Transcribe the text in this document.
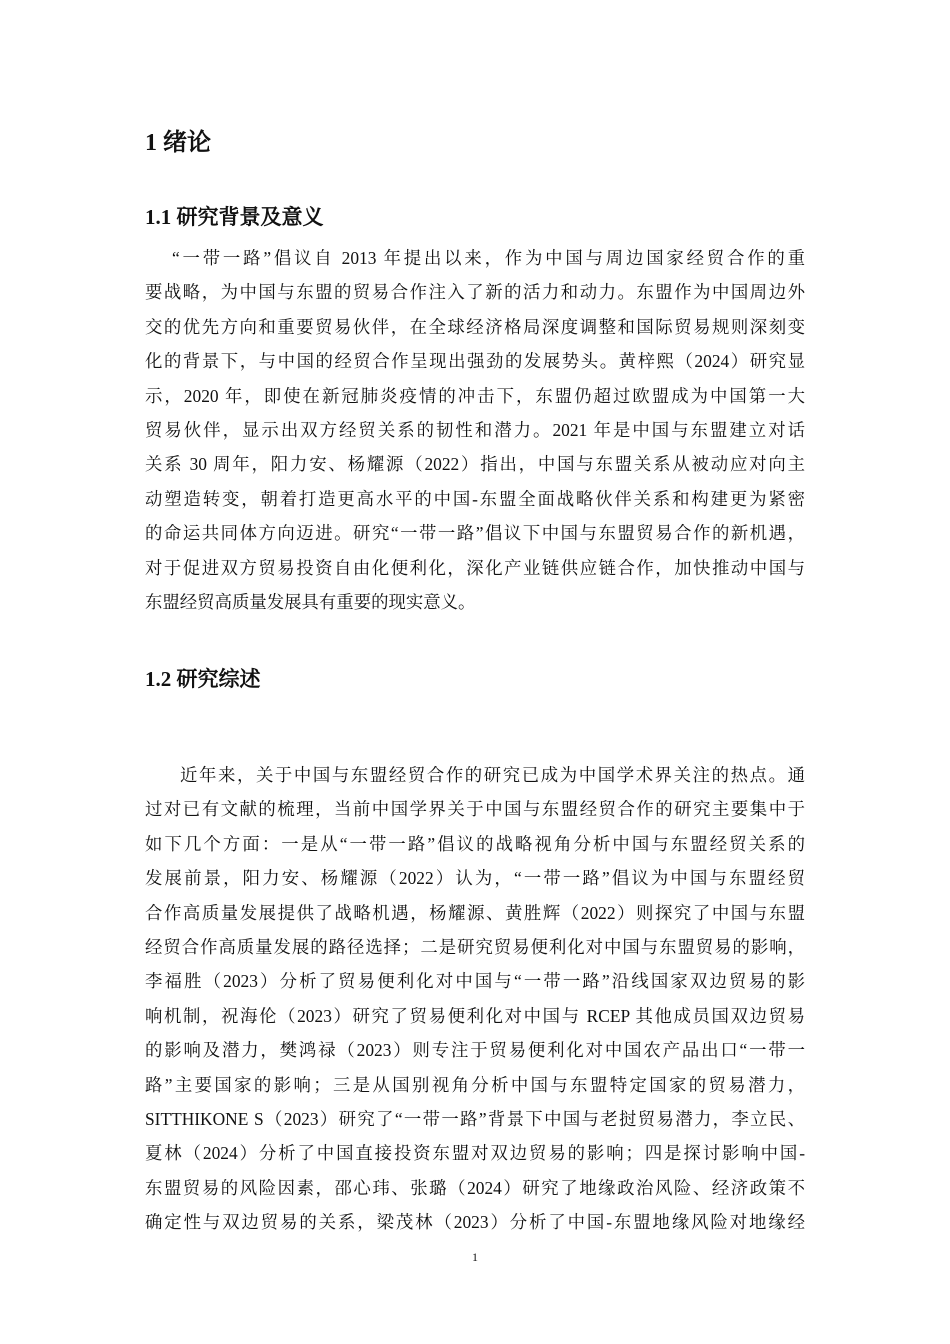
1 绪论
1.1 研究背景及意义
“一带一路”倡议自 2013 年提出以来，作为中国与周边国家经贸合作的重
要战略，为中国与东盟的贸易合作注入了新的活力和动力。东盟作为中国周边外
交的优先方向和重要贸易伙伴，在全球经济格局深度调整和国际贸易规则深刻变
化的背景下，与中国的经贸合作呈现出强劲的发展势头。黄梓熙（2024）研究显
示，2020 年，即使在新冠肺炎疫情的冲击下，东盟仍超过欧盟成为中国第一大
贸易伙伴，显示出双方经贸关系的韧性和潜力。2021 年是中国与东盟建立对话
关系 30 周年，阳力安、杨耀源（2022）指出，中国与东盟关系从被动应对向主
动塑造转变，朝着打造更高水平的中国-东盟全面战略伙伴关系和构建更为紧密
的命运共同体方向迈进。研究“一带一路”倡议下中国与东盟贸易合作的新机遇，
对于促进双方贸易投资自由化便利化，深化产业链供应链合作，加快推动中国与
东盟经贸高质量发展具有重要的现实意义。
1.2 研究综述
近年来，关于中国与东盟经贸合作的研究已成为中国学术界关注的热点。通
过对已有文献的梳理，当前中国学界关于中国与东盟经贸合作的研究主要集中于
如下几个方面：一是从“一带一路”倡议的战略视角分析中国与东盟经贸关系的
发展前景，阳力安、杨耀源（2022）认为，“一带一路”倡议为中国与东盟经贸
合作高质量发展提供了战略机遇，杨耀源、黄胜辉（2022）则探究了中国与东盟
经贸合作高质量发展的路径选择；二是研究贸易便利化对中国与东盟贸易的影响，
李福胜（2023）分析了贸易便利化对中国与“一带一路”沿线国家双边贸易的影
响机制，祝海伦（2023）研究了贸易便利化对中国与 RCEP 其他成员国双边贸易
的影响及潜力，樊鸿禄（2023）则专注于贸易便利化对中国农产品出口“一带一
路”主要国家的影响；三是从国别视角分析中国与东盟特定国家的贸易潜力，
SITTHIKONE S（2023）研究了“一带一路”背景下中国与老挝贸易潜力，李立民、
夏林（2024）分析了中国直接投资东盟对双边贸易的影响；四是探讨影响中国-
东盟贸易的风险因素，邵心玮、张璐（2024）研究了地缘政治风险、经济政策不
确定性与双边贸易的关系，梁茂林（2023）分析了中国-东盟地缘风险对地缘经
1
